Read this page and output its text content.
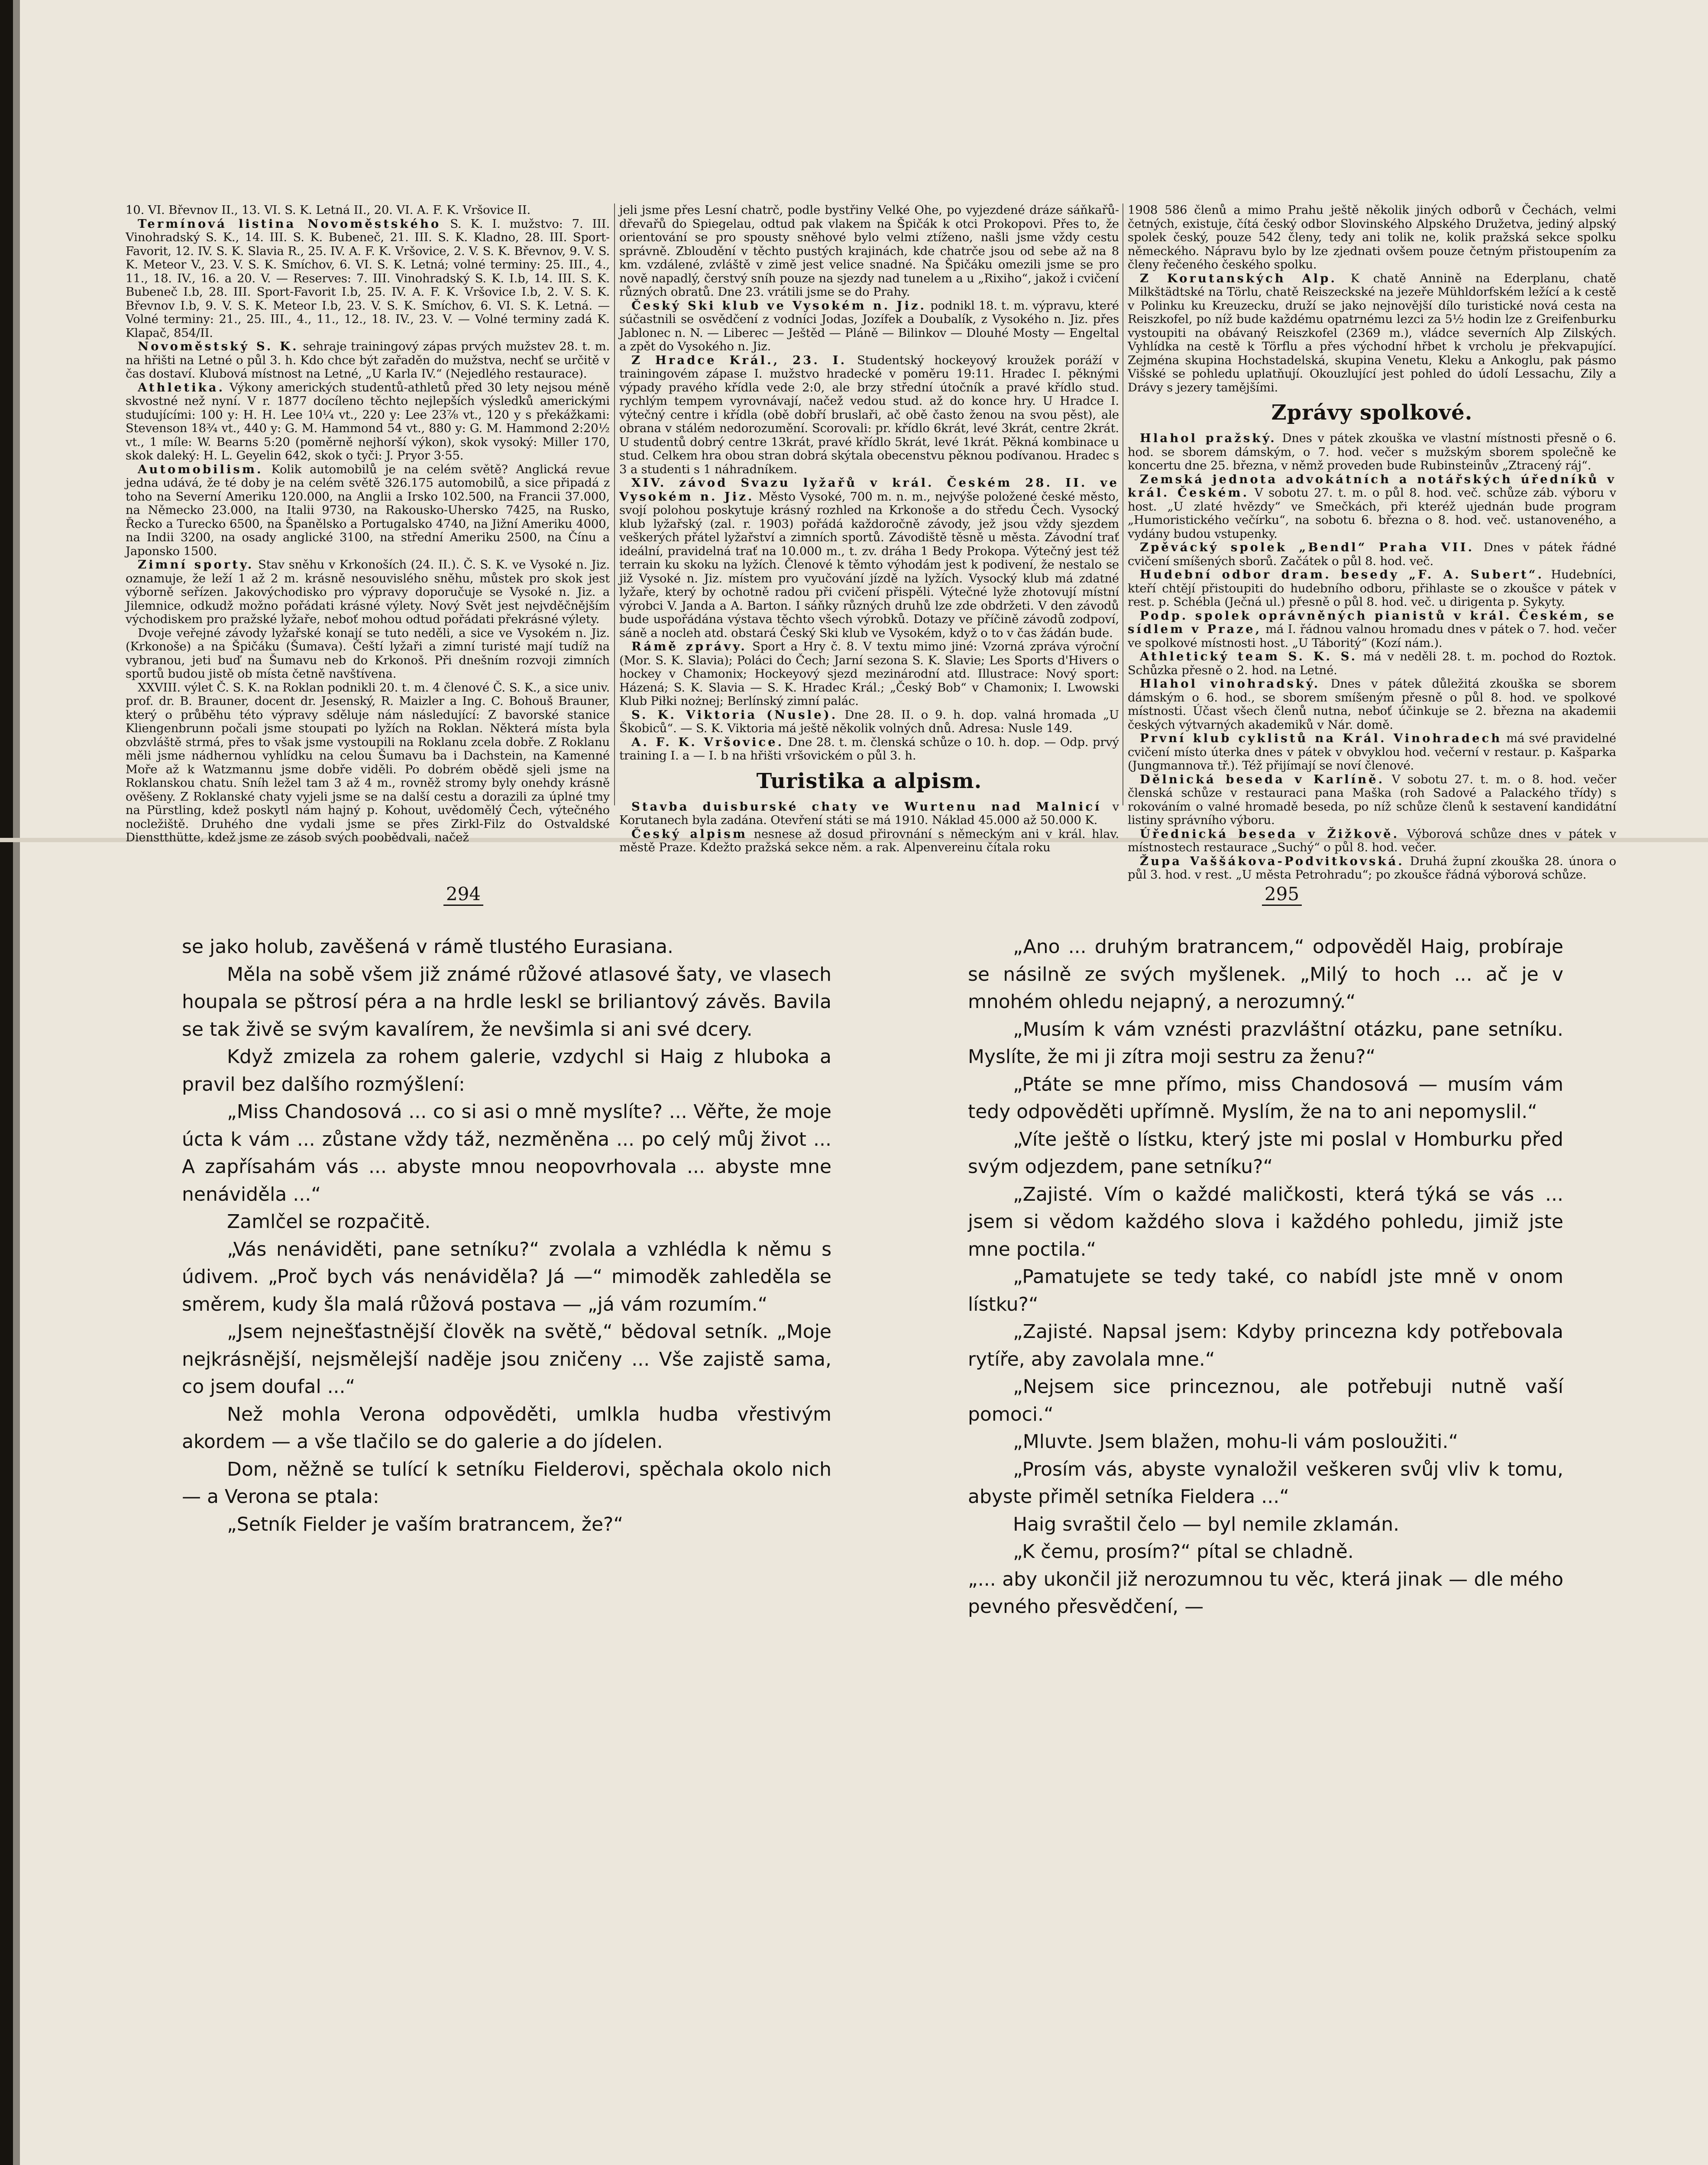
10. VI. Břevnov II., 13. VI. S. K. Letná II., 20. VI. A. F. K. Vršovice II.

Termínová listina Novoměstského S. K. I. mužstvo: 7. III. Vinohradský S. K., 14. III. S. K. Bubeneč, 21. III. S. K. Kladno, 28. III. Sport-Favorit, 12. IV. S. K. Slavia R., 25. IV. A. F. K. Vršovice, 2. V. S. K. Břevnov, 9. V. S. K. Meteor V., 23. V. S. K. Smíchov, 6. VI. S. K. Letná; volné terminy: 25. III., 4., 11., 18. IV., 16. a 20. V. — Reserves: 7. III. Vinohradský S. K. I.b, 14. III. S. K. Bubeneč I.b, 28. III. Sport-Favorit I.b, 25. IV. A. F. K. Vršovice I.b, 2. V. S. K. Břevnov I.b, 9. V. S. K. Meteor I.b, 23. V. S. K. Smíchov, 6. VI. S. K. Letná. — Volné terminy: 21., 25. III., 4., 11., 12., 18. IV., 23. V. — Volné terminy zadá K. Klapač, 854/II.

Novoměstský S. K. sehraje trainingový zápas prvých mužstev 28. t. m. na hřišti na Letné o půl 3. h. Kdo chce být zařaděn do mužstva, nechť se určitě v čas dostaví. Klubová místnost na Letné, „U Karla IV.“ (Nejedlého restaurace).

Athletika. Výkony amerických studentů-athletů před 30 lety nejsou méně skvostné než nyní. V r. 1877 docíleno těchto nejlepších výsledků americkými studujícími: 100 y: H. H. Lee 10¼ vt., 220 y: Lee 23⅞ vt., 120 y s překážkami: Stevenson 18¾ vt., 440 y: G. M. Hammond 54 vt., 880 y: G. M. Hammond 2:20½ vt., 1 míle: W. Bearns 5:20 (poměrně nejhorší výkon), skok vysoký: Miller 170, skok daleký: H. L. Geyelin 642, skok o tyči: J. Pryor 3·55.

Automobilism. Kolik automobilů je na celém světě? Anglická revue jedna udává, že té doby je na celém světě 326.175 automobilů, a sice připadá z toho na Severní Ameriku 120.000, na Anglii a Irsko 102.500, na Francii 37.000, na Německo 23.000, na Italii 9730, na Rakousko-Uhersko 7425, na Rusko, Řecko a Turecko 6500, na Španělsko a Portugalsko 4740, na Jižní Ameriku 4000, na Indii 3200, na osady anglické 3100, na střední Ameriku 2500, na Čínu a Japonsko 1500.

Zimní sporty. Stav sněhu v Krkonoších (24. II.). Č. S. K. ve Vysoké n. Jiz. oznamuje, že leží 1 až 2 m. krásně nesouvislého sněhu, můstek pro skok jest výborně seřízen. Jakovýchodisko pro výpravy doporučuje se Vysoké n. Jiz. a Jilemnice, odkudž možno pořádati krásné výlety. Nový Svět jest nejvděčnějším východiskem pro pražské lyžaře, neboť mohou odtud pořádati překrásné výlety.

Dvoje veřejné závody lyžařské konají se tuto neděli, a sice ve Vysokém n. Jiz. (Krkonoše) a na Špičáku (Šumava). Čeští lyžaři a zimní turisté mají tudíž na vybranou, jeti buď na Šumavu neb do Krkonoš. Při dnešním rozvoji zimních sportů budou jistě ob místa četně navštívena.

XXVIII. výlet Č. S. K. na Roklan podnikli 20. t. m. 4 členové Č. S. K., a sice univ. prof. dr. B. Brauner, docent dr. Jesenský, R. Maizler a Ing. C. Bohouš Brauner, který o průběhu této výpravy sděluje nám následující: Z bavorské stanice Kliengenbrunn počali jsme stoupati po lyžích na Roklan. Některá místa byla obzvláště strmá, přes to však jsme vystoupili na Roklanu zcela dobře. Z Roklanu měli jsme nádhernou vyhlídku na celou Šumavu ba i Dachstein, na Kamenné Moře až k Watzmannu jsme dobře viděli. Po dobrém obědě sjeli jsme na Roklanskou chatu. Sníh ležel tam 3 až 4 m., rovněž stromy byly onehdy krásně ověšeny. Z Roklanské chaty vyjeli jsme se na další cestu a dorazili za úplné tmy na Pürstling, kdež poskytl nám hajný p. Kohout, uvědomělý Čech, výtečného nocležiště. Druhého dne vydali jsme se přes Zirkl-Filz do Ostvaldské Dienstthütte, kdež jsme ze zásob svých poobědvali, načež

jeli jsme přes Lesní chatrč, podle bystřiny Velké Ohe, po vyjezdené dráze sáňkařů-dřevařů do Spiegelau, odtud pak vlakem na Špičák k otci Prokopovi. Přes to, že orientování se pro spousty sněhové bylo velmi ztíženo, našli jsme vždy cestu správně. Zbloudění v těchto pustých krajinách, kde chatrče jsou od sebe až na 8 km. vzdálené, zvláště v zimě jest velice snadné. Na Špičáku omezili jsme se pro nově napadlý, čerstvý sníh pouze na sjezdy nad tunelem a u „Rixiho“, jakož i cvičení různých obratů. Dne 23. vrátili jsme se do Prahy.

Český Ski klub ve Vysokém n. Jiz. podnikl 18. t. m. výpravu, které súčastnili se osvědčení z vodníci Jodas, Jozífek a Doubalík, z Vysokého n. Jiz. přes Jablonec n. N. — Liberec — Ještěd — Pláně — Bilinkov — Dlouhé Mosty — Engeltal a zpět do Vysokého n. Jiz.

Z Hradce Král., 23. I. Studentský hockeyový kroužek poráží v trainingovém zápase I. mužstvo hradecké v poměru 19:11. Hradec I. pěknými výpady pravého křídla vede 2:0, ale brzy střední útočník a pravé křídlo stud. rychlým tempem vyrovnávají, načež vedou stud. až do konce hry. U Hradce I. výtečný centre i křídla (obě dobří bruslaři, ač obě často ženou na svou pěst), ale obrana v stálém nedorozumění. Scorovali: pr. křídlo 6krát, levé 3krát, centre 2krát. U studentů dobrý centre 13krát, pravé křídlo 5krát, levé 1krát. Pěkná kombinace u stud. Celkem hra obou stran dobrá skýtala obecenstvu pěknou podívanou. Hradec s 3 a studenti s 1 náhradníkem.

XIV. závod Svazu lyžařů v král. Českém 28. II. ve Vysokém n. Jiz. Město Vysoké, 700 m. n. m., nejvýše položené české město, svojí polohou poskytuje krásný rozhled na Krkonoše a do středu Čech. Vysocký klub lyžařský (zal. r. 1903) pořádá každoročně závody, jež jsou vždy sjezdem veškerých přátel lyžařství a zimních sportů. Závodiště těsně u města. Závodní trať ideální, pravidelná trať na 10.000 m., t. zv. dráha 1 Bedy Prokopa. Výtečný jest též terrain ku skoku na lyžích. Členové k těmto výhodám jest k podivení, že nestalo se již Vysoké n. Jiz. místem pro vyučování jízdě na lyžích. Vysocký klub má zdatné lyžaře, který by ochotně radou při cvičení přispěli. Výtečné lyže zhotovují místní výrobci V. Janda a A. Barton. I sáňky různých druhů lze zde obdržeti. V den závodů bude uspořádána výstava těchto všech výrobků. Dotazy ve příčině závodů zodpoví, sáně a nocleh atd. obstará Český Ski klub ve Vysokém, když o to v čas žádán bude.

Rámě zprávy. Sport a Hry č. 8. V textu mimo jiné: Vzorná zpráva výroční (Mor. S. K. Slavia); Poláci do Čech; Jarní sezona S. K. Slavie; Les Sports d'Hivers o hockey v Chamonix; Hockeyový sjezd mezinárodní atd. Illustrace: Nový sport: Házená; S. K. Slavia — S. K. Hradec Král.; „Český Bob“ v Chamonix; I. Lwowski Klub Piłki nożnej; Berlínský zimní palác.

S. K. Viktoria (Nusle). Dne 28. II. o 9. h. dop. valná hromada „U Škobiců“. — S. K. Viktoria má ještě několik volných dnů. Adresa: Nusle 149.

A. F. K. Vršovice. Dne 28. t. m. členská schůze o 10. h. dop. — Odp. prvý training I. a — I. b na hřišti vršovickém o půl 3. h.

Turistika a alpism.

Stavba duisburské chaty ve Wurtenu nad Malnicí v Korutanech byla zadána. Otevření státi se má 1910. Náklad 45.000 až 50.000 K.

Český alpism nesnese až dosud přirovnání s německým ani v král. hlav. městě Praze. Kdežto pražská sekce něm. a rak. Alpenvereinu čítala roku

1908 586 členů a mimo Prahu ještě několik jiných odborů v Čechách, velmi četných, existuje, čítá český odbor Slovinského Alpského Družetva, jediný alpský spolek český, pouze 542 členy, tedy ani tolik ne, kolik pražská sekce spolku německého. Nápravu bylo by lze zjednati ovšem pouze četným přistoupením za členy řečeného českého spolku.

Z Korutanských Alp. K chatě Annině na Ederplanu, chatě Milkštädtské na Törlu, chatě Reiszeckské na jezeře Mühldorfském ležící a k cestě v Polinku ku Kreuzecku, druží se jako nejnovější dílo turistické nová cesta na Reiszkofel, po níž bude každému opatrnému lezci za 5½ hodin lze z Greifenburku vystoupiti na obávaný Reiszkofel (2369 m.), vládce severních Alp Zilských. Vyhlídka na cestě k Törflu a přes východní hřbet k vrcholu je překvapující. Zejména skupina Hochstadelská, skupina Venetu, Kleku a Ankoglu, pak pásmo Višské se pohledu uplatňují. Okouzlující jest pohled do údolí Lessachu, Zily a Drávy s jezery tamějšími.

Zprávy spolkové.

Hlahol pražský. Dnes v pátek zkouška ve vlastní místnosti přesně o 6. hod. se sborem dámským, o 7. hod. večer s mužským sborem společně ke koncertu dne 25. března, v němž proveden bude Rubinsteinův „Ztracený ráj“.

Zemská jednota advokátních a notářských úředníků v král. Českém. V sobotu 27. t. m. o půl 8. hod. več. schůze záb. výboru v host. „U zlaté hvězdy“ ve Smečkách, při kteréž ujednán bude program „Humoristického večírku“, na sobotu 6. března o 8. hod. več. ustanoveného, a vydány budou vstupenky.

Zpěvácký spolek „Bendl“ Praha VII. Dnes v pátek řádné cvičení smíšených sborů. Začátek o půl 8. hod. več.

Hudební odbor dram. besedy „F. A. Subert“. Hudebníci, kteří chtějí přistoupiti do hudebního odboru, přihlaste se o zkoušce v pátek v rest. p. Schébla (Ječná ul.) přesně o půl 8. hod. več. u dirigenta p. Sykyty.

Podp. spolek oprávněných pianistů v král. Českém, se sídlem v Praze, má I. řádnou valnou hromadu dnes v pátek o 7. hod. večer ve spolkové místnosti host. „U Táboritý“ (Kozí nám.).

Athletický team S. K. S. má v neděli 28. t. m. pochod do Roztok. Schůzka přesně o 2. hod. na Letné.

Hlahol vinohradský. Dnes v pátek důležitá zkouška se sborem dámským o 6. hod., se sborem smíšeným přesně o půl 8. hod. ve spolkové místnosti. Účast všech členů nutna, neboť účinkuje se 2. března na akademii českých výtvarných akademiků v Nár. domě.

První klub cyklistů na Král. Vinohradech má své pravidelné cvičení místo úterka dnes v pátek v obvyklou hod. večerní v restaur. p. Kašparka (Jungmannova tř.). Též přijímají se noví členové.

Dělnická beseda v Karlíně. V sobotu 27. t. m. o 8. hod. večer členská schůze v restauraci pana Maška (roh Sadové a Palackého třídy) s rokováním o valné hromadě beseda, po níž schůze členů k sestavení kandidátní listiny správního výboru.

Úřednická beseda v Žižkově. Výborová schůze dnes v pátek v místnostech restaurace „Suchý“ o půl 8. hod. večer.

Župa Vaššákova-Podvitkovská. Druhá župní zkouška 28. února o půl 3. hod. v rest. „U města Petrohradu“; po zkoušce řádná výborová schůze.

294	295

se jako holub, zavěšená v rámě tlustého Eurasiana.

Měla na sobě všem již známé růžové atlasové šaty, ve vlasech houpala se pštrosí péra a na hrdle leskl se briliantový závěs. Bavila se tak živě se svým kavalírem, že nevšimla si ani své dcery.

Když zmizela za rohem galerie, vzdychl si Haig z hluboka a pravil bez dalšího rozmýšlení:

„Miss Chandosová ... co si asi o mně myslíte? ... Věřte, že moje úcta k vám ... zůstane vždy táž, nezměněna ... po celý můj život ... A zapřísahám vás ... abyste mnou neopovrhovala ... abyste mne nenáviděla ...“

Zamlčel se rozpačitě.

„Vás nenáviděti, pane setníku?“ zvolala a vzhlédla k němu s údivem. „Proč bych vás nenáviděla? Já —“ mimoděk zahleděla se směrem, kudy šla malá růžová postava — „já vám rozumím.“

„Jsem nejnešťastnější člověk na světě,“ bědoval setník. „Moje nejkrásnější, nejsmělejší naděje jsou zničeny ... Vše zajistě sama, co jsem doufal ...“

Než mohla Verona odpověděti, umlkla hudba vřestivým akordem — a vše tlačilo se do galerie a do jídelen.

Dom, něžně se tulící k setníku Fielderovi, spěchala okolo nich — a Verona se ptala:

„Setník Fielder je vaším bratrancem, že?“

„Ano ... druhým bratrancem,“ odpověděl Haig, probíraje se násilně ze svých myšlenek. „Milý to hoch ... ač je v mnohém ohledu nejapný, a nerozumný.“

„Musím k vám vznésti prazvláštní otázku, pane setníku. Myslíte, že mi ji zítra moji sestru za ženu?“

„Ptáte se mne přímo, miss Chandosová — musím vám tedy odpověděti upřímně. Myslím, že na to ani nepomyslil.“

„Víte ještě o lístku, který jste mi poslal v Homburku před svým odjezdem, pane setníku?“

„Zajisté. Vím o každé maličkosti, která týká se vás ... jsem si vědom každého slova i každého pohledu, jimiž jste mne poctila.“

„Pamatujete se tedy také, co nabídl jste mně v onom lístku?“

„Zajisté. Napsal jsem: Kdyby princezna kdy potřebovala rytíře, aby zavolala mne.“

„Nejsem sice princeznou, ale potřebuji nutně vaší pomoci.“

„Mluvte. Jsem blažen, mohu-li vám posloužiti.“

„Prosím vás, abyste vynaložil veškeren svůj vliv k tomu, abyste přiměl setníka Fieldera ...“

Haig svraštil čelo — byl nemile zklamán.

„K čemu, prosím?“ pítal se chladně.

„... aby ukončil již nerozumnou tu věc, která jinak — dle mého pevného přesvědčení, —
